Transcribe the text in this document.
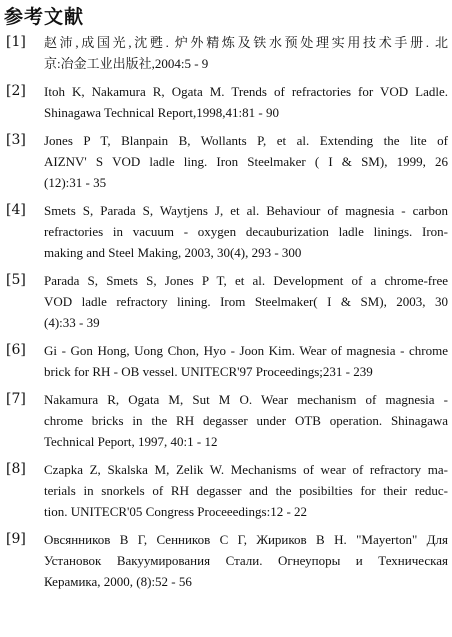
参考文献
[1] 赵沛,成国光,沈甦. 炉外精炼及铁水预处理实用技术手册. 北
京:冶金工业出版社,2004:5 - 9
[2] Itoh K, Nakamura R, Ogata M. Trends of refractories for VOD Ladle.
Shinagawa Technical Report,1998,41:81 - 90
[3] Jones P T, Blanpain B, Wollants P, et al. Extending the lite of
AIZNV' S VOD ladle ling. Iron Steelmaker ( I & SM), 1999, 26
(12):31 - 35
[4] Smets S, Parada S, Waytjens J, et al. Behaviour of magnesia - carbon
refractories in vacuum - oxygen decauburization ladle linings. Iron-
making and Steel Making, 2003, 30(4), 293 - 300
[5] Parada S, Smets S, Jones P T, et al. Development of a chrome-free
VOD ladle refractory lining. Irom Steelmaker( I & SM), 2003, 30
(4):33 - 39
[6] Gi - Gon Hong, Uong Chon, Hyo - Joon Kim. Wear of magnesia - chrome
brick for RH - OB vessel. UNITECR'97 Proceedings;231 - 239
[7] Nakamura R, Ogata M, Sut M O. Wear mechanism of magnesia -
chrome bricks in the RH degasser under OTB operation. Shinagawa
Technical Peport, 1997, 40:1 - 12
[8] Czapka Z, Skalska M, Zelik W. Mechanisms of wear of refractory ma-
terials in snorkels of RH degasser and the posibilties for their reduc-
tion. UNITECR'05 Congress Proceeedings:12 - 22
[9] Овсянников В Г, Сенников С Г, Жириков В Н. "Mayerton" Для
Установок Вакуумирования Стали. Огнеупоры и Техническая
Керамика, 2000, (8):52 - 56
